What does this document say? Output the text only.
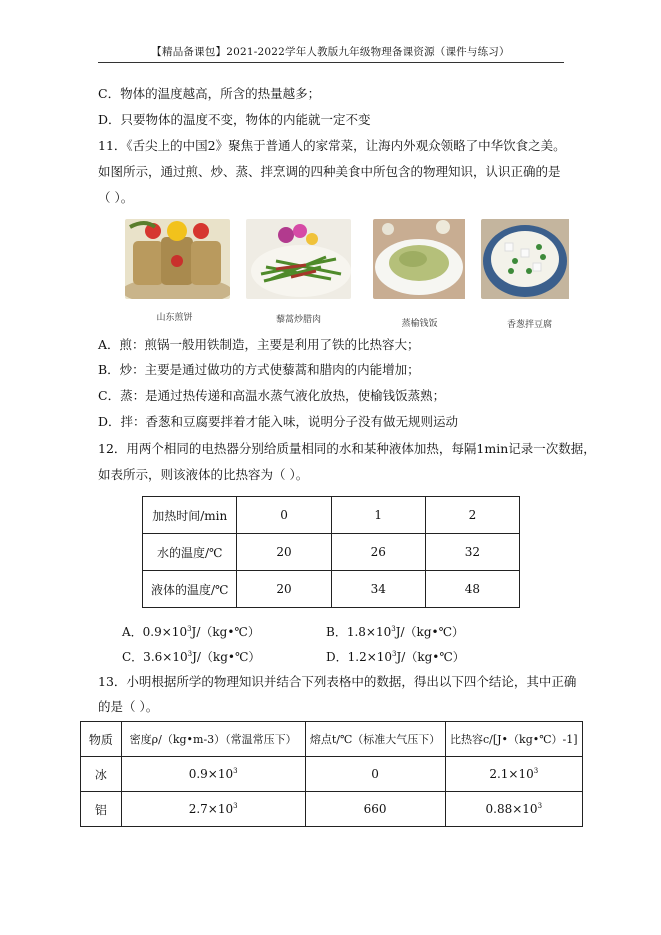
【精品备课包】2021-2022学年人教版九年级物理备课资源（课件与练习）
C．物体的温度越高，所含的热量越多；
D．只要物体的温度不变，物体的内能就一定不变
11．《舌尖上的中国2》聚焦于普通人的家常菜，让海内外观众领略了中华饮食之美。
如图所示，通过煎、炒、蒸、拌烹调的四种美食中所包含的物理知识，认识正确的是
（ ）。
山东煎饼	藜蒿炒腊肉	蒸榆钱饭	香葱拌豆腐
A．煎：煎锅一般用铁制造，主要是利用了铁的比热容大；
B．炒：主要是通过做功的方式使藜蒿和腊肉的内能增加；
C．蒸：是通过热传递和高温水蒸气液化放热，使榆钱饭蒸熟；
D．拌：香葱和豆腐要拌着才能入味，说明分子没有做无规则运动
12．用两个相同的电热器分别给质量相同的水和某种液体加热，每隔1min记录一次数据，
如表所示，则该液体的比热容为（ ）。
加热时间/min	0	1	2
水的温度/℃	20	26	32
液体的温度/℃	20	34	48
A．$0.9\times 10^3J/(kg•℃)$	B．$1.8\times 10^3J/(kg•℃)$
C．$3.6\times 10^3J/(kg•℃)$	D．$1.2\times 10^3J/(kg•℃)$
13．小明根据所学的物理知识并结合下列表格中的数据，得出以下四个结论，其中正确
的是（ ）。
物质	密度ρ/（kg•m-3）（常温常压下）	熔点t/℃（标准大气压下）	比热容c/[J•（kg•℃）-1]
冰	$0.9\times 10^3$	0	$2.1\times 10^3$
铝	$2.7\times 10^3$	660	$0.88\times 10^3$
